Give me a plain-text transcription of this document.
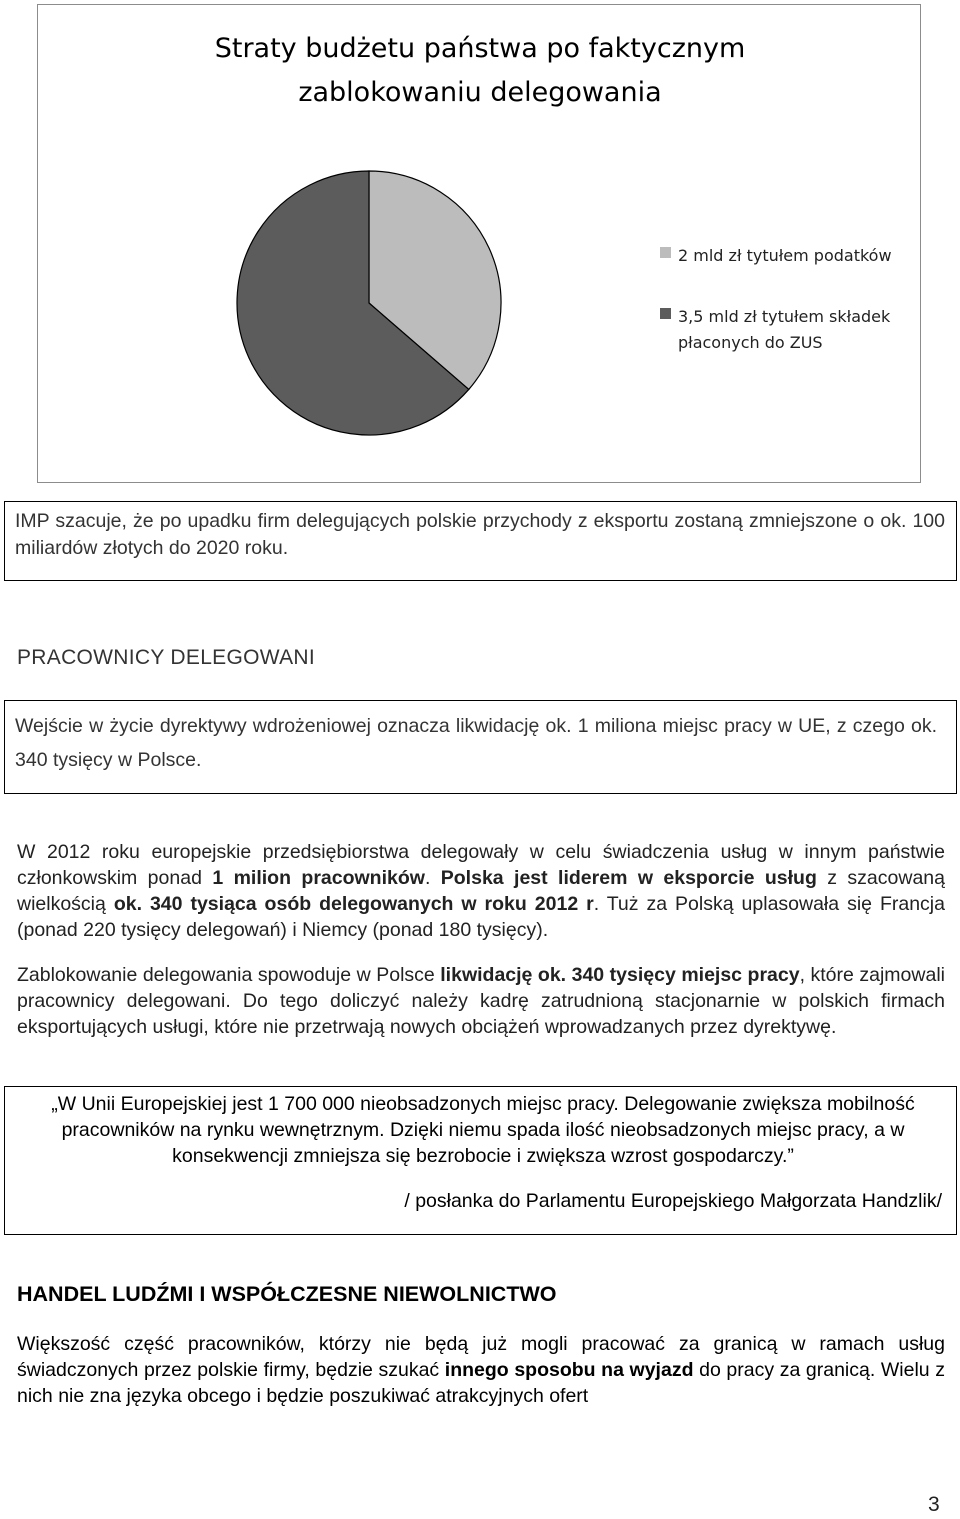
Straty budżetu państwa po faktycznym
zablokowaniu delegowania
2 mld zł tytułem podatków
3,5 mld zł tytułem składek
płaconych do ZUS

IMP szacuje, że po upadku firm delegujących polskie przychody z eksportu zostaną zmniejszone o ok. 100 miliardów złotych do 2020 roku.

PRACOWNICY DELEGOWANI

Wejście w życie dyrektywy wdrożeniowej oznacza likwidację ok. 1 miliona miejsc pracy w UE, z czego ok. 340 tysięcy w Polsce.

W 2012 roku europejskie przedsiębiorstwa delegowały w celu świadczenia usług w innym państwie członkowskim ponad 1 milion pracowników. Polska jest liderem w eksporcie usług z szacowaną wielkością ok. 340 tysiąca osób delegowanych w roku 2012 r. Tuż za Polską uplasowała się Francja (ponad 220 tysięcy delegowań) i Niemcy (ponad 180 tysięcy).

Zablokowanie delegowania spowoduje w Polsce likwidację ok. 340 tysięcy miejsc pracy, które zajmowali pracownicy delegowani. Do tego doliczyć należy kadrę zatrudnioną stacjonarnie w polskich firmach eksportujących usługi, które nie przetrwają nowych obciążeń wprowadzanych przez dyrektywę.

„W Unii Europejskiej jest 1 700 000 nieobsadzonych miejsc pracy. Delegowanie zwiększa mobilność pracowników na rynku wewnętrznym. Dzięki niemu spada ilość nieobsadzonych miejsc pracy, a w konsekwencji zmniejsza się bezrobocie i zwiększa wzrost gospodarczy.”

/ posłanka do Parlamentu Europejskiego Małgorzata Handzlik/

HANDEL LUDŹMI I WSPÓŁCZESNE NIEWOLNICTWO

Większość część pracowników, którzy nie będą już mogli pracować za granicą w ramach usług świadczonych przez polskie firmy, będzie szukać innego sposobu na wyjazd do pracy za granicą. Wielu z nich nie zna języka obcego i będzie poszukiwać atrakcyjnych ofert

3
